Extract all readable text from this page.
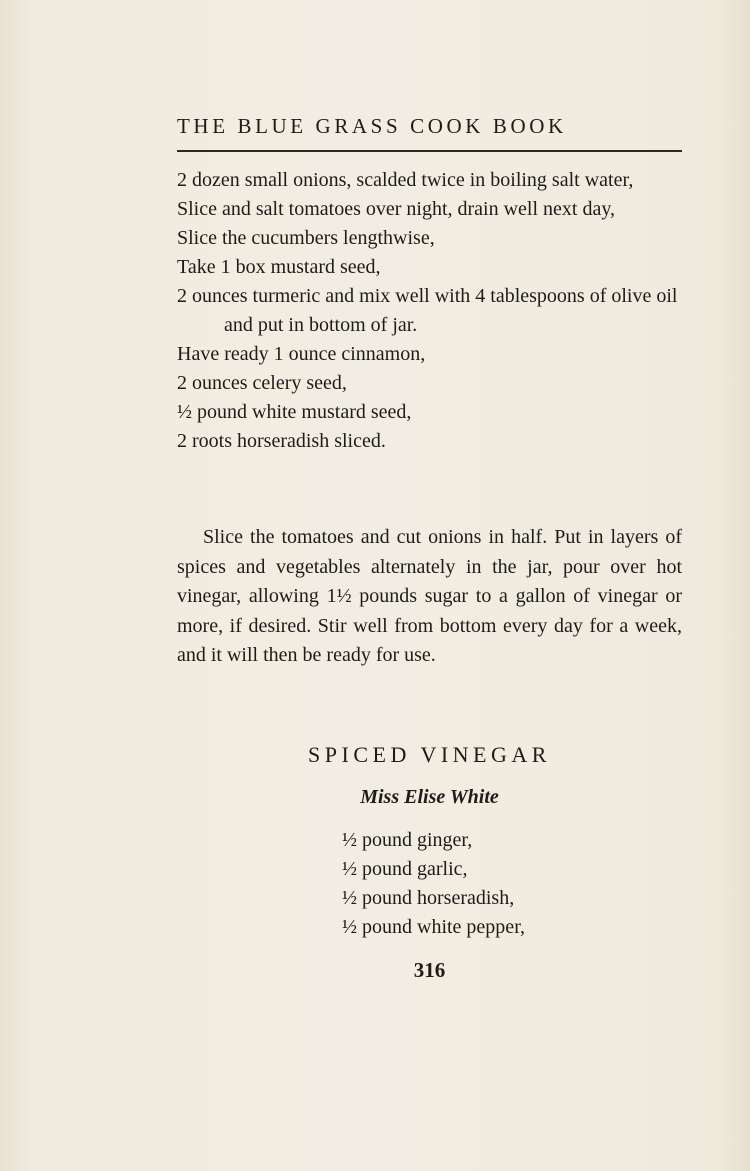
THE BLUE GRASS COOK BOOK
2 dozen small onions, scalded twice in boiling salt water,
Slice and salt tomatoes over night, drain well next day,
Slice the cucumbers lengthwise,
Take 1 box mustard seed,
2 ounces turmeric and mix well with 4 tablespoons of olive oil and put in bottom of jar.
Have ready 1 ounce cinnamon,
2 ounces celery seed,
½ pound white mustard seed,
2 roots horseradish sliced.
Slice the tomatoes and cut onions in half. Put in layers of spices and vegetables alternately in the jar, pour over hot vinegar, allowing 1½ pounds sugar to a gallon of vinegar or more, if desired. Stir well from bottom every day for a week, and it will then be ready for use.
SPICED VINEGAR
Miss Elise White
½ pound ginger,
½ pound garlic,
½ pound horseradish,
½ pound white pepper,
316
